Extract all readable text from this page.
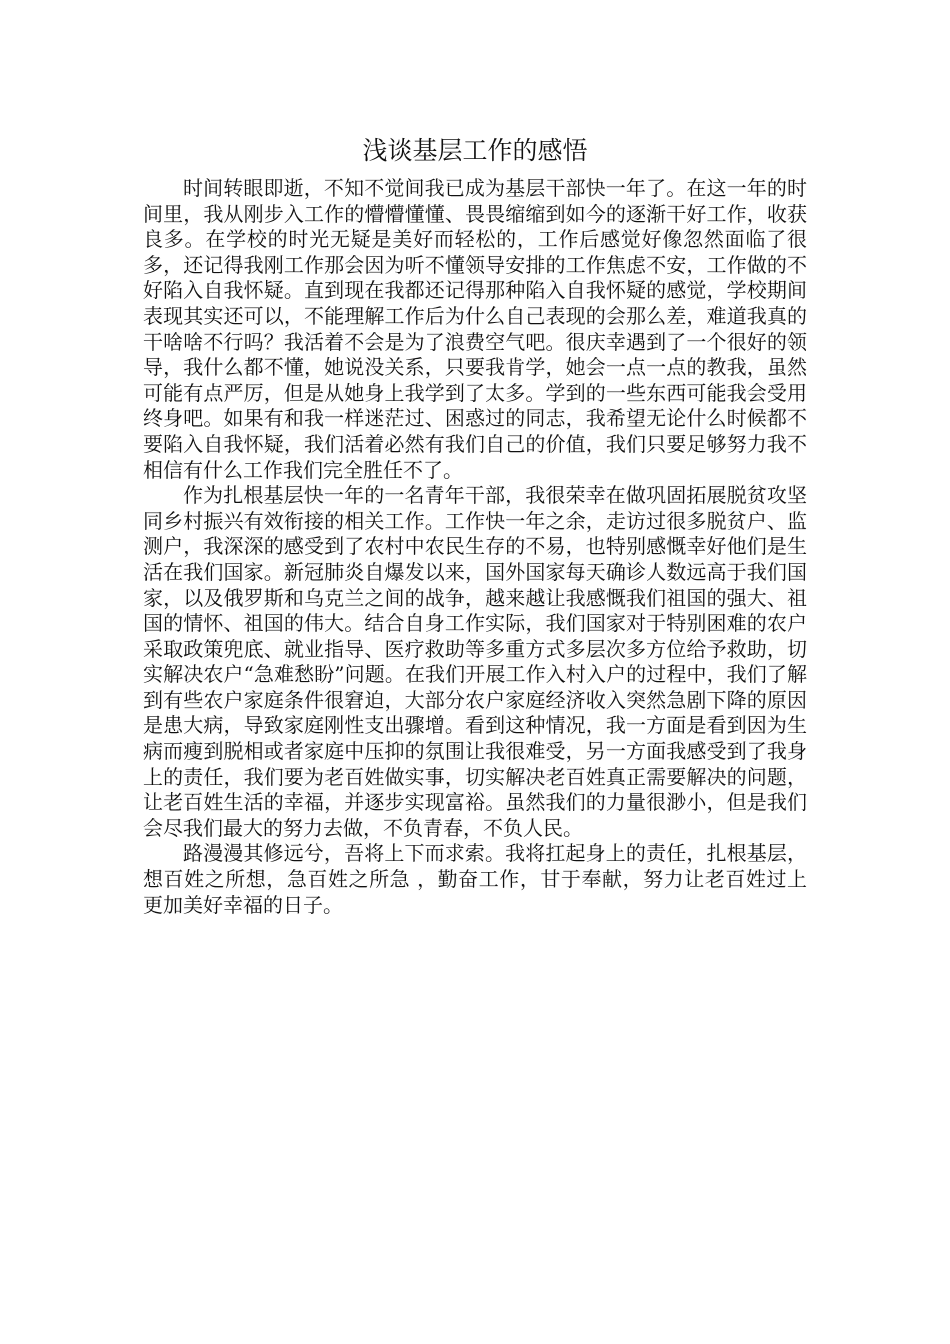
浅谈基层工作的感悟

时间转眼即逝，不知不觉间我已成为基层干部快一年了。在这一年的时间里，我从刚步入工作的懵懵懂懂、畏畏缩缩到如今的逐渐干好工作，收获良多。在学校的时光无疑是美好而轻松的，工作后感觉好像忽然面临了很多，还记得我刚工作那会因为听不懂领导安排的工作焦虑不安，工作做的不好陷入自我怀疑。直到现在我都还记得那种陷入自我怀疑的感觉，学校期间表现其实还可以，不能理解工作后为什么自己表现的会那么差，难道我真的干啥啥不行吗？我活着不会是为了浪费空气吧。很庆幸遇到了一个很好的领导，我什么都不懂，她说没关系，只要我肯学，她会一点一点的教我，虽然可能有点严厉，但是从她身上我学到了太多。学到的一些东西可能我会受用终身吧。如果有和我一样迷茫过、困惑过的同志，我希望无论什么时候都不要陷入自我怀疑，我们活着必然有我们自己的价值，我们只要足够努力我不相信有什么工作我们完全胜任不了。

作为扎根基层快一年的一名青年干部，我很荣幸在做巩固拓展脱贫攻坚同乡村振兴有效衔接的相关工作。工作快一年之余，走访过很多脱贫户、监测户，我深深的感受到了农村中农民生存的不易，也特别感慨幸好他们是生活在我们国家。新冠肺炎自爆发以来，国外国家每天确诊人数远高于我们国家，以及俄罗斯和乌克兰之间的战争，越来越让我感慨我们祖国的强大、祖国的情怀、祖国的伟大。结合自身工作实际，我们国家对于特别困难的农户采取政策兜底、就业指导、医疗救助等多重方式多层次多方位给予救助，切实解决农户“急难愁盼”问题。在我们开展工作入村入户的过程中，我们了解到有些农户家庭条件很窘迫，大部分农户家庭经济收入突然急剧下降的原因是患大病，导致家庭刚性支出骤增。看到这种情况，我一方面是看到因为生病而瘦到脱相或者家庭中压抑的氛围让我很难受，另一方面我感受到了我身上的责任，我们要为老百姓做实事，切实解决老百姓真正需要解决的问题，让老百姓生活的幸福，并逐步实现富裕。虽然我们的力量很渺小，但是我们会尽我们最大的努力去做，不负青春，不负人民。

路漫漫其修远兮，吾将上下而求索。我将扛起身上的责任，扎根基层，想百姓之所想，急百姓之所急 ，勤奋工作，甘于奉献，努力让老百姓过上更加美好幸福的日子。
